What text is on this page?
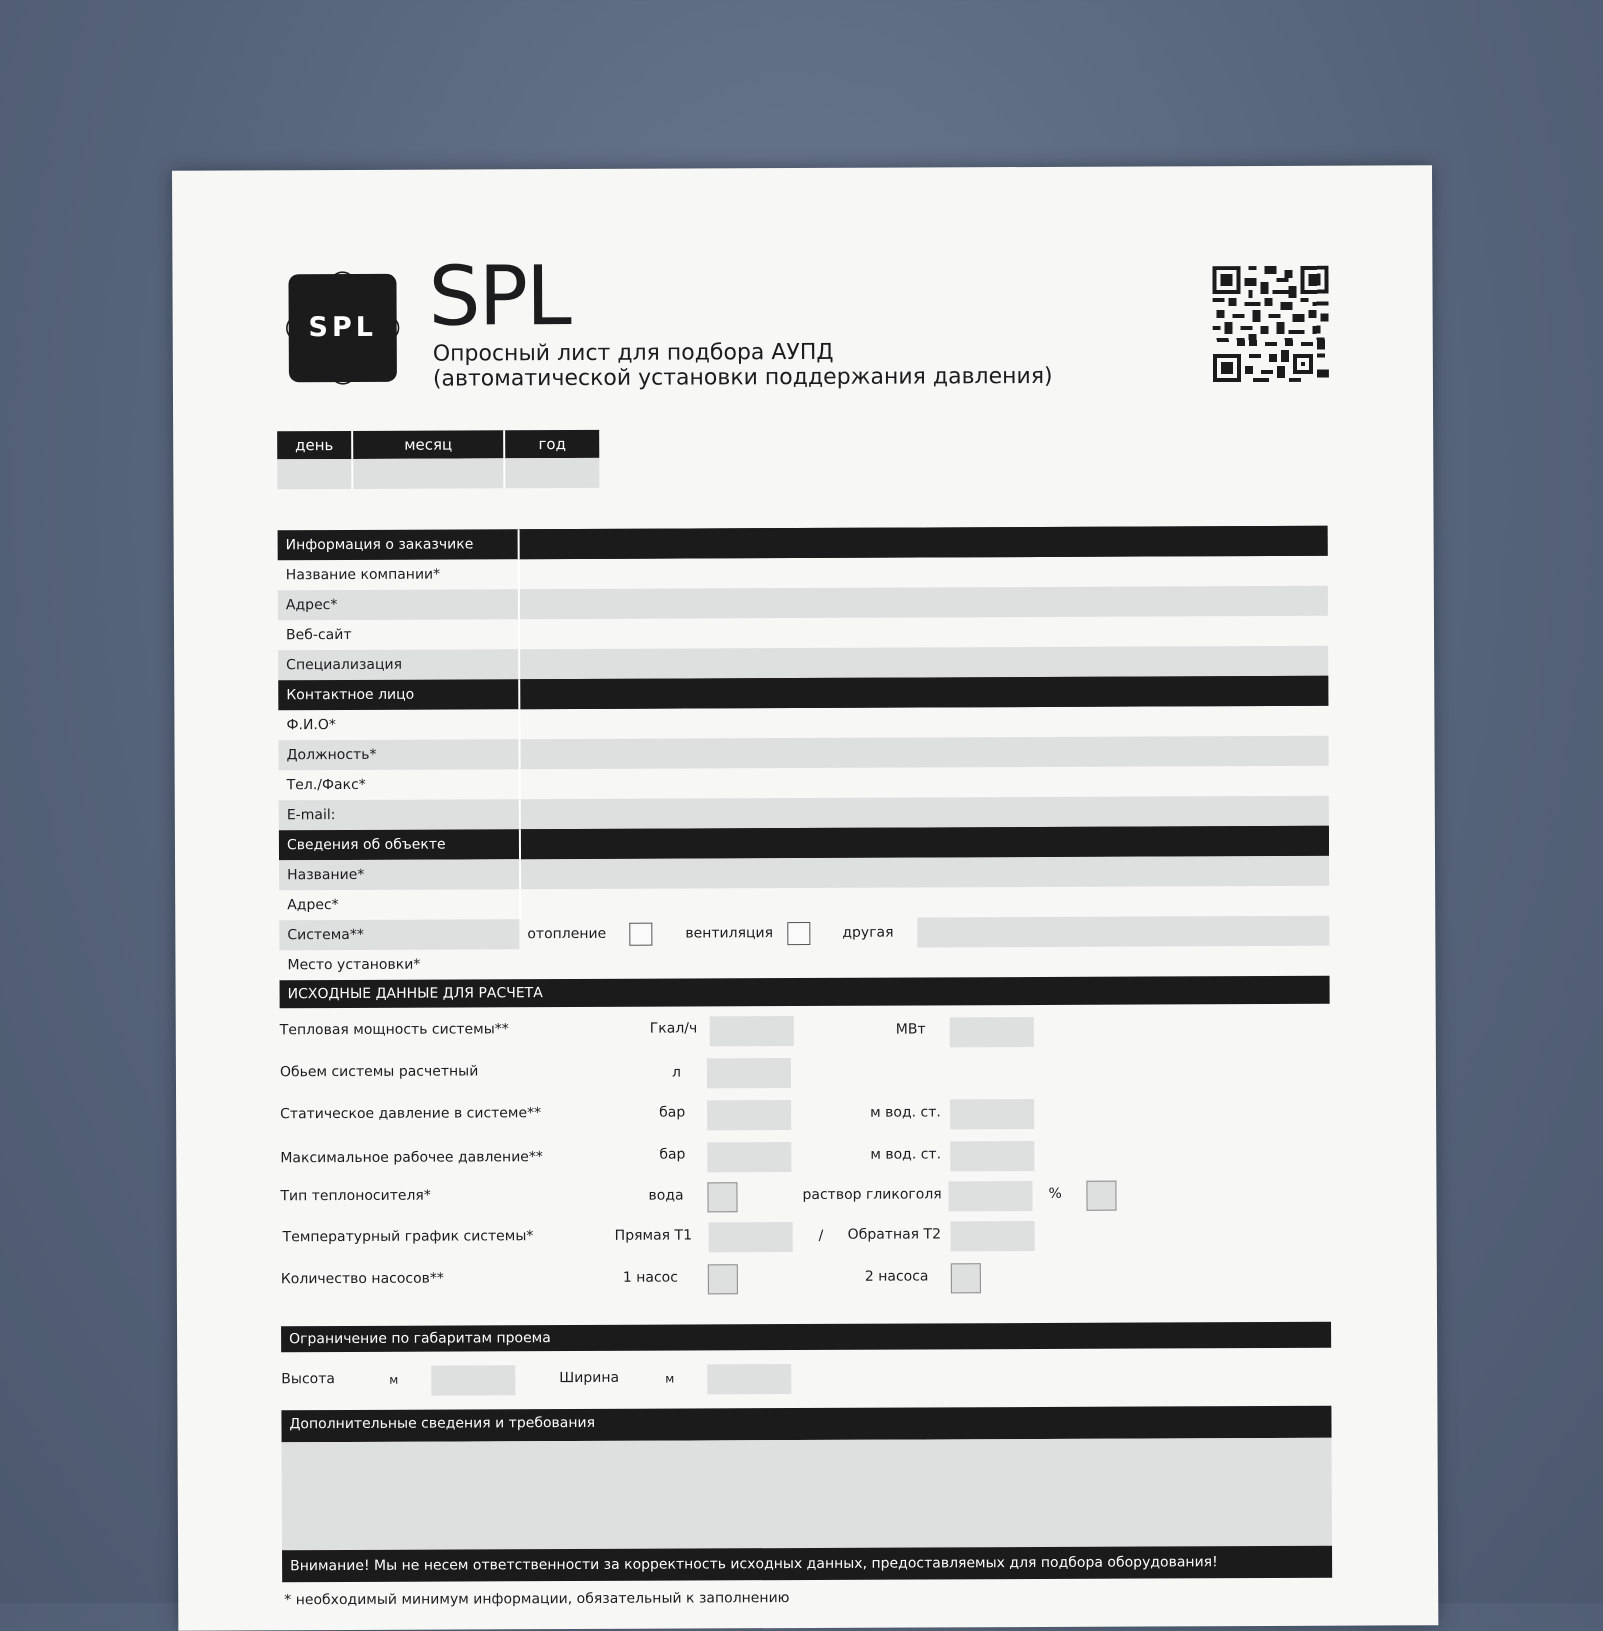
SPL SPL
Опросный лист для подбора АУПД
(автоматической установки поддержания давления)
день	месяц	год

Информация о заказчике
Название компании*
Адрес*
Веб-сайт
Специализация
Контактное лицо
Ф.И.О*
Должность*
Тел./Факс*
E-mail:
Сведения об объекте
Название*
Адрес*
Система**	отопление	вентиляция	другая
Место установки*
ИСХОДНЫЕ ДАННЫЕ ДЛЯ РАСЧЕТА
Тепловая мощность системы**	Гкал/ч	МВт
Обьем системы расчетный	л
Статическое давление в системе**	бар	м вод. ст.
Максимальное рабочее давление**	бар	м вод. ст.
Тип теплоносителя*	вода	раствор гликоголя	%
Температурный график системы*	Прямая T1	/ Обратная T2
Количество насосов**	1 насос	2 насоса
Ограничение по габаритам проема
Высота	м	Ширина	м
Дополнительные сведения и требования
Внимание! Мы не несем ответственности за корректность исходных данных, предоставляемых для подбора оборудования!
* необходимый минимум информации, обязательный к заполнению
